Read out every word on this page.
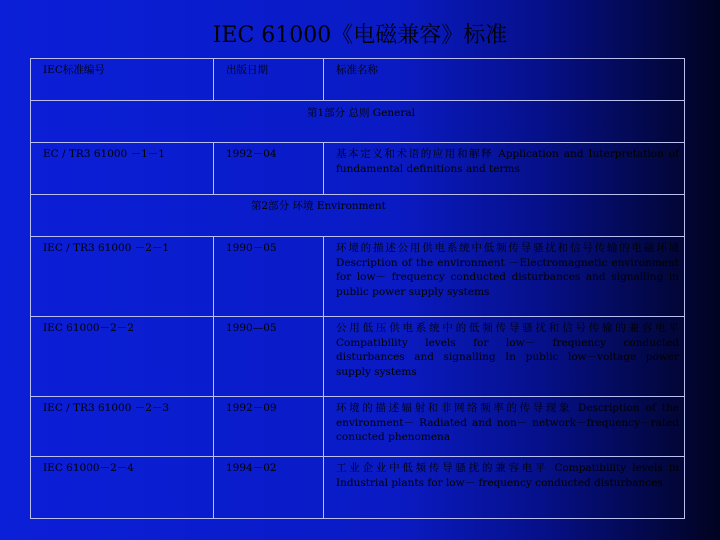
IEC 61000《电磁兼容》标准
IEC标准编号	出版日期	标准名称
第1部分 总则 General		
EC / TR3 61000 －1－1	1992－04	基本定义和术语的应用和解释 Application and Iuterpretation of fundamental definitions and terms

第2部分 环境 Environment		

IEC / TR3 61000 －2－1	1990－05	环境的描述公用供电系统中低频传导骚扰和信号传输的电磁环境 Description of the environment －Electromagnetic environment for low－ frequency conducted disturbances and signalling in public power supply systems
IEC 61000－2－2	1990—05	公用低压供电系统中的低频传导骚扰和信号传输的兼容电平 Compatibility levels for low－ frequency conducted disturbances and signalling In public low－voltage power supply systems
IEC / TR3 61000 －2－3	1992－09	环境的描述辐射和非网络频率的传导现象 Description of the environment－ Radiated and non－ network－frequency－rated conucted phenomena
IEC 61000－2－4	1994－02	工业企业中低频传导骚扰的兼容电平 Compatibility levels in Industrial plants for low－ frequency conducted disturbances
